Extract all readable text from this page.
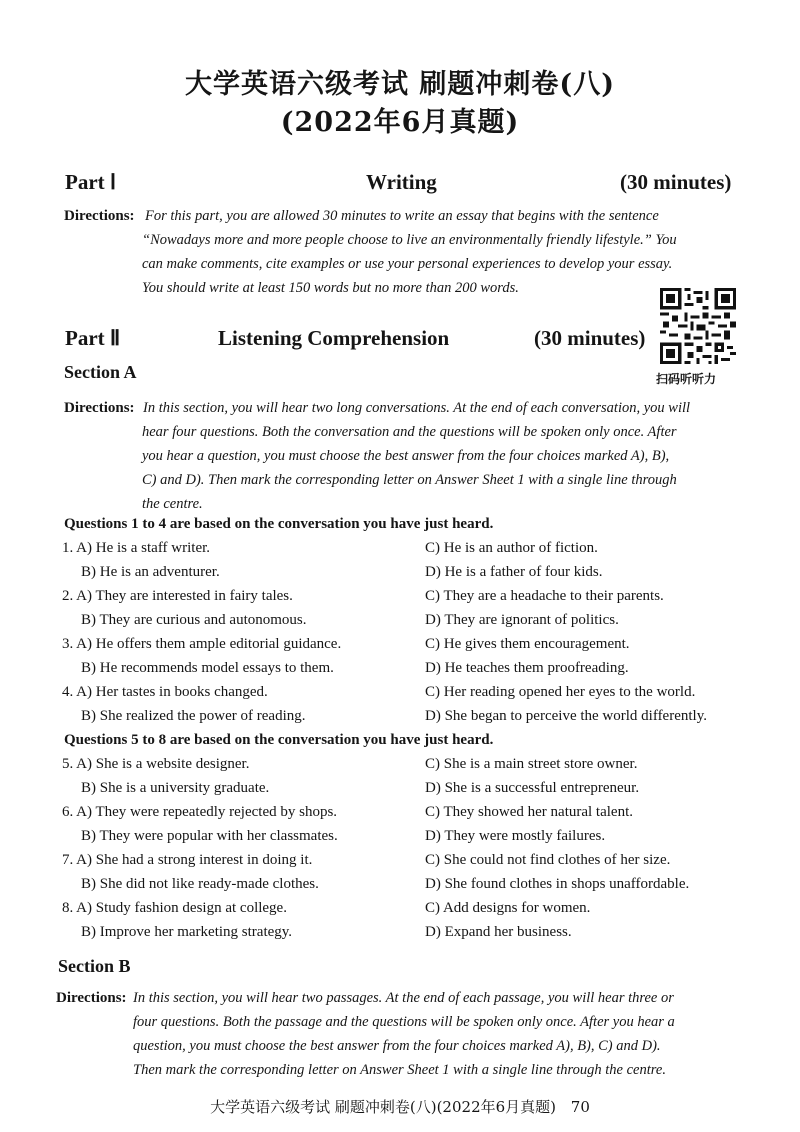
大学英语六级考试 刷题冲刺卷(八)
(2022年6月真题)
Part Ⅰ	Writing	(30 minutes)
Directions: For this part, you are allowed 30 minutes to write an essay that begins with the sentence
“Nowadays more and more people choose to live an environmentally friendly lifestyle.” You
can make comments, cite examples or use your personal experiences to develop your essay.
You should write at least 150 words but no more than 200 words.
Part Ⅱ	Listening Comprehension	(30 minutes)
扫码听听力
Section A
Directions: In this section, you will hear two long conversations. At the end of each conversation, you will
hear four questions. Both the conversation and the questions will be spoken only once. After
you hear a question, you must choose the best answer from the four choices marked A), B),
C) and D). Then mark the corresponding letter on Answer Sheet 1 with a single line through
the centre.
Questions 1 to 4 are based on the conversation you have just heard.
1. A) He is a staff writer.	C) He is an author of fiction.
B) He is an adventurer.	D) He is a father of four kids.
2. A) They are interested in fairy tales.	C) They are a headache to their parents.
B) They are curious and autonomous.	D) They are ignorant of politics.
3. A) He offers them ample editorial guidance.	C) He gives them encouragement.
B) He recommends model essays to them.	D) He teaches them proofreading.
4. A) Her tastes in books changed.	C) Her reading opened her eyes to the world.
B) She realized the power of reading.	D) She began to perceive the world differently.
Questions 5 to 8 are based on the conversation you have just heard.
5. A) She is a website designer.	C) She is a main street store owner.
B) She is a university graduate.	D) She is a successful entrepreneur.
6. A) They were repeatedly rejected by shops.	C) They showed her natural talent.
B) They were popular with her classmates.	D) They were mostly failures.
7. A) She had a strong interest in doing it.	C) She could not find clothes of her size.
B) She did not like ready-made clothes.	D) She found clothes in shops unaffordable.
8. A) Study fashion design at college.	C) Add designs for women.
B) Improve her marketing strategy.	D) Expand her business.
Section B
Directions: In this section, you will hear two passages. At the end of each passage, you will hear three or
four questions. Both the passage and the questions will be spoken only once. After you hear a
question, you must choose the best answer from the four choices marked A), B), C) and D).
Then mark the corresponding letter on Answer Sheet 1 with a single line through the centre.
大学英语六级考试 刷题冲刺卷(八)(2022年6月真题) 70
